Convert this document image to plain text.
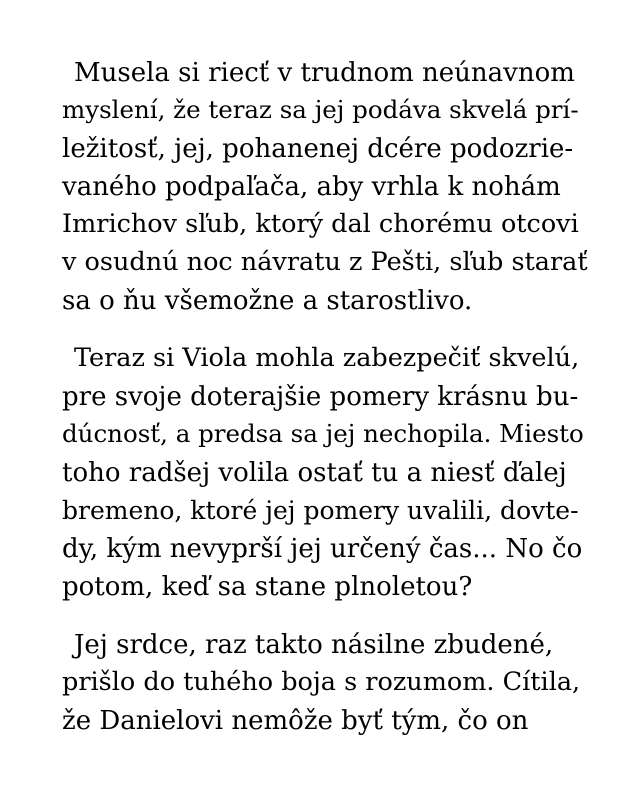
Musela si riecť v trudnom neúnavnom
myslení, že teraz sa jej podáva skvelá prí-
ležitosť, jej, pohanenej dcére podozrie-
vaného podpaľača, aby vrhla k nohám
Imrichov sľub, ktorý dal chorému otcovi
v osudnú noc návratu z Pešti, sľub starať
sa o ňu všemožne a starostlivo.
Teraz si Viola mohla zabezpečiť skvelú,
pre svoje doterajšie pomery krásnu bu-
dúcnosť, a predsa sa jej nechopila. Miesto
toho radšej volila ostať tu a niesť ďalej
bremeno, ktoré jej pomery uvalili, dovte-
dy, kým nevyprší jej určený čas... No čo
potom, keď sa stane plnoletou?
Jej srdce, raz takto násilne zbudené,
prišlo do tuhého boja s rozumom. Cítila,
že Danielovi nemôže byť tým, čo on
